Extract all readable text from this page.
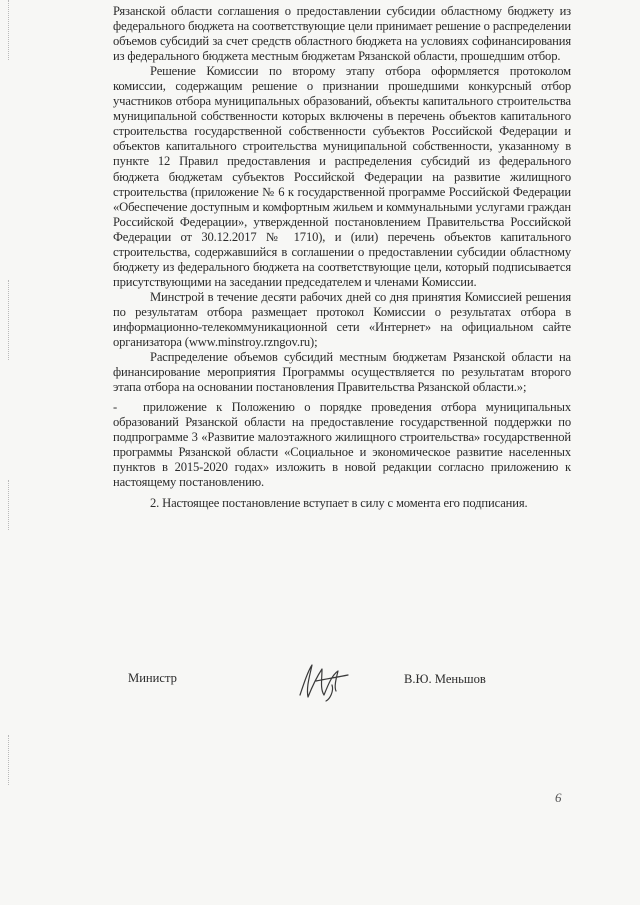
Рязанской области соглашения о предоставлении субсидии областному бюджету из федерального бюджета на соответствующие цели принимает решение о распределении объемов субсидий за счет средств областного бюджета на условиях софинансирования из федерального бюджета местным бюджетам Рязанской области, прошедшим отбор.

Решение Комиссии по второму этапу отбора оформляется протоколом комиссии, содержащим решение о признании прошедшими конкурсный отбор участников отбора муниципальных образований, объекты капитального строительства муниципальной собственности которых включены в перечень объектов капитального строительства государственной собственности субъектов Российской Федерации и объектов капитального строительства муниципальной собственности, указанному в пункте 12 Правил предоставления и распределения субсидий из федерального бюджета бюджетам субъектов Российской Федерации на развитие жилищного строительства (приложение № 6 к государственной программе Российской Федерации «Обеспечение доступным и комфортным жильем и коммунальными услугами граждан Российской Федерации», утвержденной постановлением Правительства Российской Федерации от 30.12.2017 № 1710), и (или) перечень объектов капитального строительства, содержавшийся в соглашении о предоставлении субсидии областному бюджету из федерального бюджета на соответствующие цели, который подписывается присутствующими на заседании председателем и членами Комиссии.

Минстрой в течение десяти рабочих дней со дня принятия Комиссией решения по результатам отбора размещает протокол Комиссии о результатах отбора в информационно-телекоммуникационной сети «Интернет» на официальном сайте организатора (www.minstroy.rzngov.ru);

Распределение объемов субсидий местным бюджетам Рязанской области на финансирование мероприятия Программы осуществляется по результатам второго этапа отбора на основании постановления Правительства Рязанской области.»;

- приложение к Положению о порядке проведения отбора муниципальных образований Рязанской области на предоставление государственной поддержки по подпрограмме 3 «Развитие малоэтажного жилищного строительства» государственной программы Рязанской области «Социальное и экономическое развитие населенных пунктов в 2015-2020 годах» изложить в новой редакции согласно приложению к настоящему постановлению.

2. Настоящее постановление вступает в силу с момента его подписания.

Министр	В.Ю. Меньшов
6
